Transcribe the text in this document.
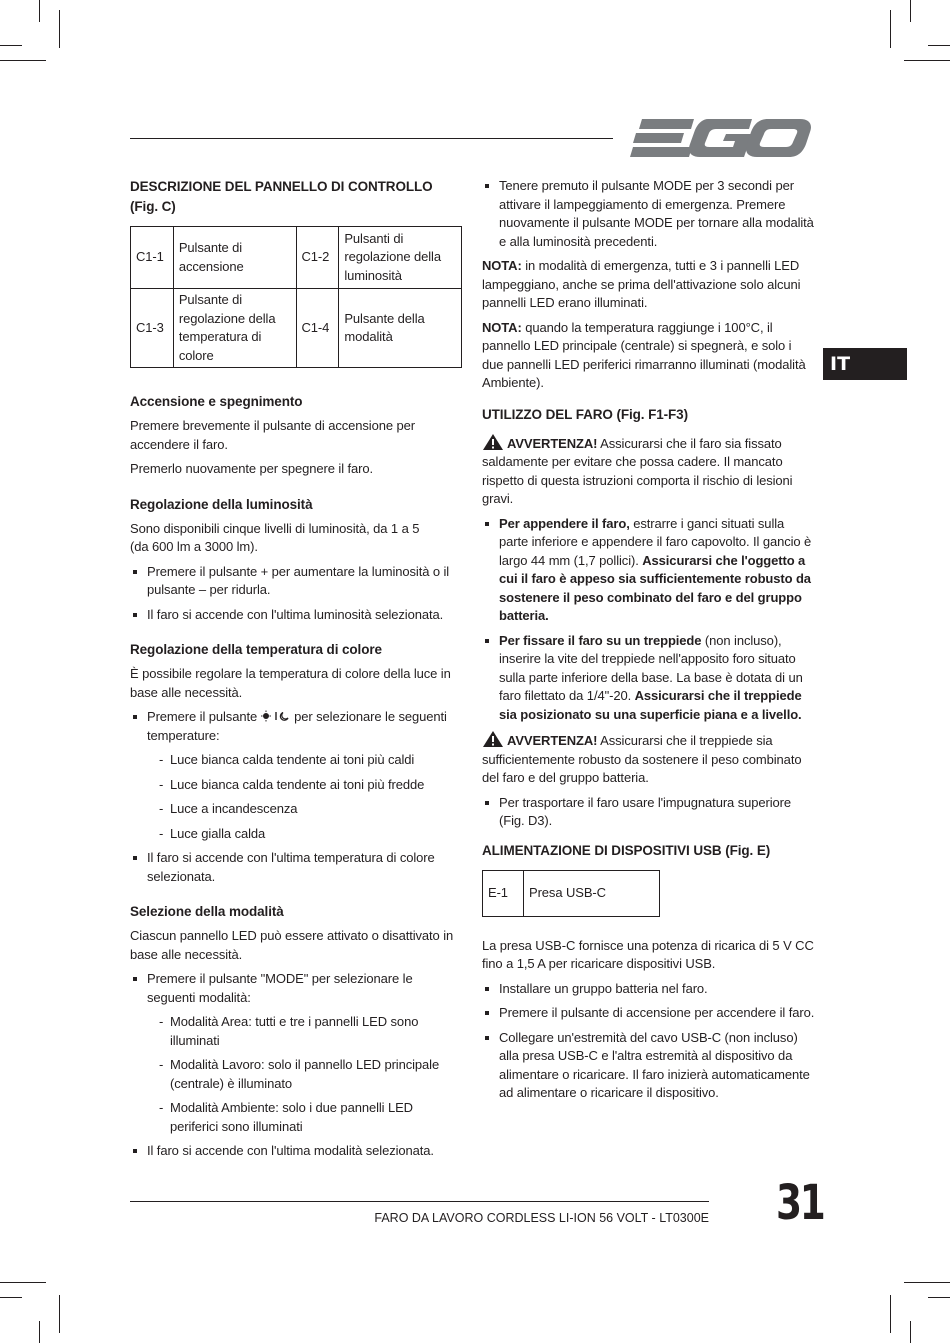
IT
DESCRIZIONE DEL PANNELLO DI CONTROLLO
(Fig. C)
C1-1	Pulsante di accensione	C1-2	Pulsanti di regolazione della luminosità
C1-3	Pulsante di regolazione della temperatura di colore	C1-4	Pulsante della modalità
Accensione e spegnimento

Premere brevemente il pulsante di accensione per accendere il faro.

Premerlo nuovamente per spegnere il faro.

Regolazione della luminosità

Sono disponibili cinque livelli di luminosità, da 1 a 5
(da 600 lm a 3000 lm).

Premere il pulsante + per aumentare la luminosità o il pulsante – per ridurla.
Il faro si accende con l'ultima luminosità selezionata.
Regolazione della temperatura di colore

È possibile regolare la temperatura di colore della luce in base alle necessità.

Premere il pulsante	per selezionare le seguenti temperature:
- Luce bianca calda tendente ai toni più caldi
- Luce bianca calda tendente ai toni più fredde
- Luce a incandescenza
- Luce gialla calda
Il faro si accende con l'ultima temperatura di colore selezionata.
Selezione della modalità

Ciascun pannello LED può essere attivato o disattivato in base alle necessità.

Premere il pulsante "MODE" per selezionare le seguenti modalità:
- Modalità Area: tutti e tre i pannelli LED sono illuminati
- Modalità Lavoro: solo il pannello LED principale (centrale) è illuminato
- Modalità Ambiente: solo i due pannelli LED periferici sono illuminati
Il faro si accende con l'ultima modalità selezionata.
Tenere premuto il pulsante MODE per 3 secondi per attivare il lampeggiamento di emergenza. Premere nuovamente il pulsante MODE per tornare alla modalità e alla luminosità precedenti.

NOTA: in modalità di emergenza, tutti e 3 i pannelli LED lampeggiano, anche se prima dell'attivazione solo alcuni pannelli LED erano illuminati.

NOTA: quando la temperatura raggiunge i 100°C, il pannello LED principale (centrale) si spegnerà, e solo i due pannelli LED periferici rimarranno illuminati (modalità Ambiente).

UTILIZZO DEL FARO (Fig. F1-F3)

AVVERTENZA! Assicurarsi che il faro sia fissato saldamente per evitare che possa cadere. Il mancato rispetto di questa istruzioni comporta il rischio di lesioni gravi.

Per appendere il faro, estrarre i ganci situati sulla parte inferiore e appendere il faro capovolto. Il gancio è largo 44 mm (1,7 pollici). Assicurarsi che l'oggetto a cui il faro è appeso sia sufficientemente robusto da sostenere il peso combinato del faro e del gruppo batteria.
Per fissare il faro su un treppiede (non incluso), inserire la vite del treppiede nell'apposito foro situato sulla parte inferiore della base. La base è dotata di un faro filettato da 1/4"-20. Assicurarsi che il treppiede sia posizionato su una superficie piana e a livello.

AVVERTENZA! Assicurarsi che il treppiede sia sufficientemente robusto da sostenere il peso combinato del faro e del gruppo batteria.

Per trasportare il faro usare l'impugnatura superiore (Fig. D3).
ALIMENTAZIONE DI DISPOSITIVI USB (Fig. E)
E-1	Presa USB-C

La presa USB-C fornisce una potenza di ricarica di 5 V CC fino a 1,5 A per ricaricare dispositivi USB.

Installare un gruppo batteria nel faro.
Premere il pulsante di accensione per accendere il faro.
Collegare un'estremità del cavo USB-C (non incluso) alla presa USB-C e l'altra estremità al dispositivo da alimentare o ricaricare. Il faro inizierà automaticamente ad alimentare o ricaricare il dispositivo.
FARO DA LAVORO CORDLESS LI-ION 56 VOLT - LT0300E 31
